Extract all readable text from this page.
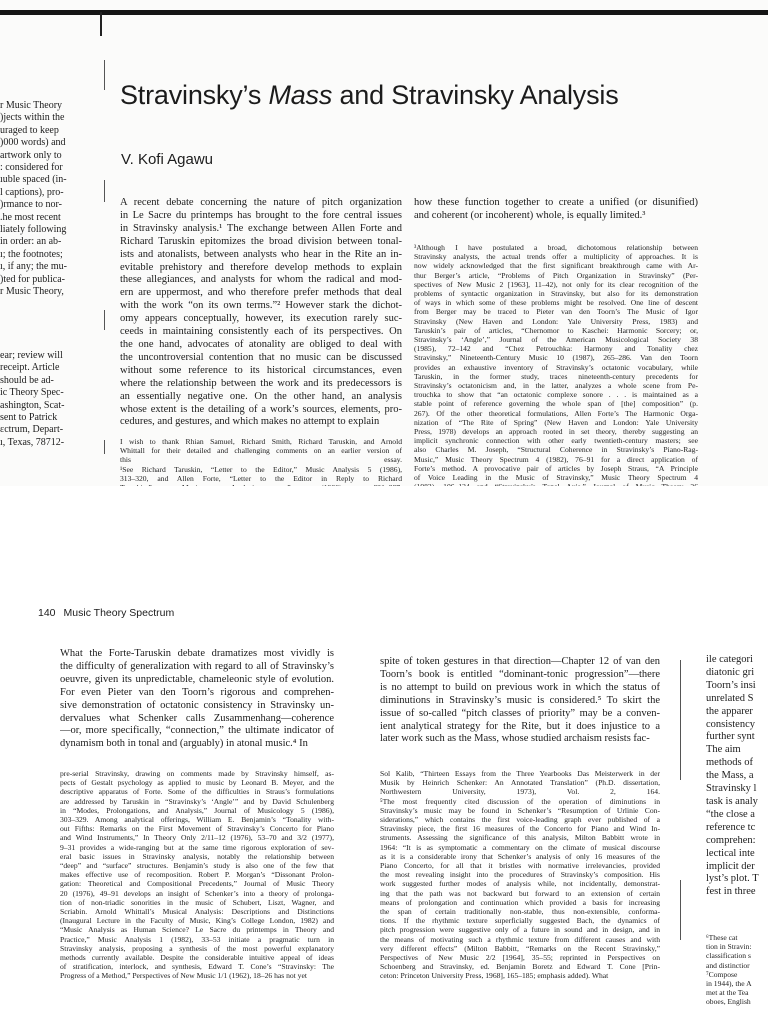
r Music Theory
)jects within the
uraged to keep
)000 words) and
artwork only to
: considered for
ıuble spaced (in-
l captions), pro-
)rmance to nor-
.he most recent
liately following
in order: an ab-
ı; the footnotes;
ı, if any; the mu-
)ted for publica-
r Music Theory,
ear; review will
receipt. Article
should be ad-
ic Theory Spec-
ashington, Scat-
sent to Patrick
ɛctrum, Depart-
ı, Texas, 78712-
Stravinsky’s Mass and Stravinsky Analysis
V. Kofi Agawu
A recent debate concerning the nature of pitch organization
in Le Sacre du printemps has brought to the fore central issues
in Stravinsky analysis.¹ The exchange between Allen Forte and
Richard Taruskin epitomizes the broad division between tonal-
ists and atonalists, between analysts who hear in the Rite an in-
evitable prehistory and therefore develop methods to explain
these allegiances, and analysts for whom the radical and mod-
ern are uppermost, and who therefore prefer methods that deal
with the work “on its own terms.”² However stark the dichot-
omy appears conceptually, however, its execution rarely suc-
ceeds in maintaining consistently each of its perspectives. On
the one hand, advocates of atonality are obliged to deal with
the uncontroversial contention that no music can be discussed
without some reference to its historical circumstances, even
where the relationship between the work and its predecessors is
an essentially negative one. On the other hand, an analysis
whose extent is the detailing of a work’s sources, elements, pro-
cedures, and gestures, and which makes no attempt to explain
I wish to thank Rhian Samuel, Richard Smith, Richard Taruskin, and Arnold
Whittall for their detailed and challenging comments on an earlier version of
this essay.
¹See Richard Taruskin, “Letter to the Editor,” Music Analysis 5 (1986),
313–320, and Allen Forte, “Letter to the Editor in Reply to Richard
how these function together to create a unified (or disunified)
and coherent (or incoherent) whole, is equally limited.³
³Although I have postulated a broad, dichotomous relationship between
Stravinsky analysts, the actual trends offer a multiplicity of approaches. It is
now widely acknowledged that the first significant breakthrough came with Ar-
thur Berger’s article, “Problems of Pitch Organization in Stravinsky” (Per-
spectives of New Music 2 [1963], 11–42), not only for its clear recognition of the
problems of syntactic organization in Stravinsky, but also for its demonstration
of ways in which some of these problems might be resolved. One line of descent
from Berger may be traced to Pieter van den Toorn’s The Music of Igor
Stravinsky (New Haven and London: Yale University Press, 1983) and
Taruskin’s pair of articles, “Chernomor to Kaschei: Harmonic Sorcery; or,
Stravinsky’s ‘Angle’,” Journal of the American Musicological Society 38
(1985), 72–142 and “Chez Petrouchka: Harmony and Tonality chez
Stravinsky,” Nineteenth-Century Music 10 (1987), 265–286. Van den Toorn
provides an exhaustive inventory of Stravinsky’s octatonic vocabulary, while
Taruskin, in the former study, traces nineteenth-century precedents for
Stravinsky’s octatonicism and, in the latter, analyzes a whole scene from Pe-
trouchka to show that “an octatonic complexe sonore . . . is maintained as a
stable point of reference governing the whole span of [the] composition” (p.
267). Of the other theoretical formulations, Allen Forte’s The Harmonic Orga-
nization of “The Rite of Spring” (New Haven and London: Yale University
Press, 1978) develops an approach rooted in set theory, thereby suggesting an
implicit synchronic connection with other early twentieth-century masters; see
also Charles M. Joseph, “Structural Coherence in Stravinsky’s Piano-Rag-
Music,” Music Theory Spectrum 4 (1982), 76–91 for a direct application of
Forte’s method. A provocative pair of articles by Joseph Straus, “A Principle
of Voice Leading in the Music of Stravinsky,” Music Theory Spectrum 4
140 Music Theory Spectrum
What the Forte-Taruskin debate dramatizes most vividly is
the difficulty of generalization with regard to all of Stravinsky’s
oeuvre, given its unpredictable, chameleonic style of evolution.
For even Pieter van den Toorn’s rigorous and comprehen-
sive demonstration of octatonic consistency in Stravinsky un-
dervalues what Schenker calls Zusammenhang—coherence
—or, more specifically, “connection,” the ultimate indicator of
dynamism both in tonal and (arguably) in atonal music.⁴ In
pre-serial Stravinsky, drawing on comments made by Stravinsky himself, as-
pects of Gestalt psychology as applied to music by Leonard B. Meyer, and the
descriptive apparatus of Forte. Some of the difficulties in Straus’s formulations
are addressed by Taruskin in “Stravinsky’s ‘Angle’” and by David Schulenberg
in “Modes, Prolongations, and Analysis,” Journal of Musicology 5 (1986),
303–329. Among analytical offerings, William E. Benjamin’s “Tonality with-
out Fifths: Remarks on the First Movement of Stravinsky’s Concerto for Piano
and Wind Instruments,” In Theory Only 2/11–12 (1976), 53–70 and 3/2 (1977),
9–31 provides a wide-ranging but at the same time rigorous exploration of sev-
eral basic issues in Stravinsky analysis, notably the relationship between
“deep” and “surface” structures. Benjamin’s study is also one of the few that
makes effective use of recomposition. Robert P. Morgan’s “Dissonant Prolon-
gation: Theoretical and Compositional Precedents,” Journal of Music Theory
20 (1976), 49–91 develops an insight of Schenker’s into a theory of prolonga-
tion of non-triadic sonorities in the music of Schubert, Liszt, Wagner, and
Scriabin. Arnold Whittall’s Musical Analysis: Descriptions and Distinctions
(Inaugural Lecture in the Faculty of Music, King’s College London, 1982) and
“Music Analysis as Human Science? Le Sacre du printemps in Theory and
Practice,” Music Analysis 1 (1982), 33–53 initiate a pragmatic turn in
Stravinsky analysis, proposing a synthesis of the most powerful explanatory
methods currently available. Despite the considerable intuitive appeal of ideas
of stratification, interlock, and synthesis, Edward T. Cone’s “Stravinsky: The
Progress of a Method,” Perspectives of New Music 1/1 (1962), 18–26 has not yet
spite of token gestures in that direction—Chapter 12 of van den
Toorn’s book is entitled “dominant-tonic progression”—there
is no attempt to build on previous work in which the status of
diminutions in Stravinsky’s music is considered.⁵ To skirt the
issue of so-called “pitch classes of priority” may be a conven-
ient analytical strategy for the Rite, but it does injustice to a
later work such as the Mass, whose studied archaism resists fac-
Sol Kalib, “Thirteen Essays from the Three Yearbooks Das Meisterwerk in der
Musik by Heinrich Schenker: An Annotated Translation” (Ph.D. dissertation,
Northwestern University, 1973), Vol. 2, 164.
⁵The most frequently cited discussion of the operation of diminutions in
Stravinsky’s music may be found in Schenker’s “Resumption of Urlinie Con-
siderations,” which contains the first voice-leading graph ever published of a
Stravinsky piece, the first 16 measures of the Concerto for Piano and Wind In-
struments. Assessing the significance of this analysis, Milton Babbitt wrote in
1964: “It is as symptomatic a commentary on the climate of musical discourse
as it is a considerable irony that Schenker’s analysis of only 16 measures of the
Piano Concerto, for all that it bristles with normative irrelevancies, provided
the most revealing insight into the procedures of Stravinsky’s composition. His
work suggested further modes of analysis while, not incidentally, demonstrat-
ing that the path was not backward but forward to an extension of certain
means of prolongation and continuation which provided a basis for increasing
the span of certain traditionally non-stable, thus non-extensible, conforma-
tions. If the rhythmic texture superficially suggested Bach, the dynamics of
pitch progression were suggestive only of a future in sound and in design, and in
the means of motivating such a rhythmic texture from different causes and with
very different effects” (Milton Babbitt, “Remarks on the Recent Stravinsky,”
Perspectives of New Music 2/2 [1964], 35–55; reprinted in Perspectives on
Schoenberg and Stravinsky, ed. Benjamin Boretz and Edward T. Cone [Prin-
ceton: Princeton University Press, 1968], 165–185; emphasis added). What
ile categori
diatonic gri
Toorn’s insi
unrelated S
the apparer
consistency
further synt
The aim
methods of
the Mass, a
Stravinsky l
task is analy
“the close a
reference tc
comprehen:
lectical inte
implicit der
lyst’s plot. T
fest in three
⁶These cat
tion in Stravin:
classification s
and distinctior
⁷Compose
in 1944), the A
met at the Tea
oboes, English
